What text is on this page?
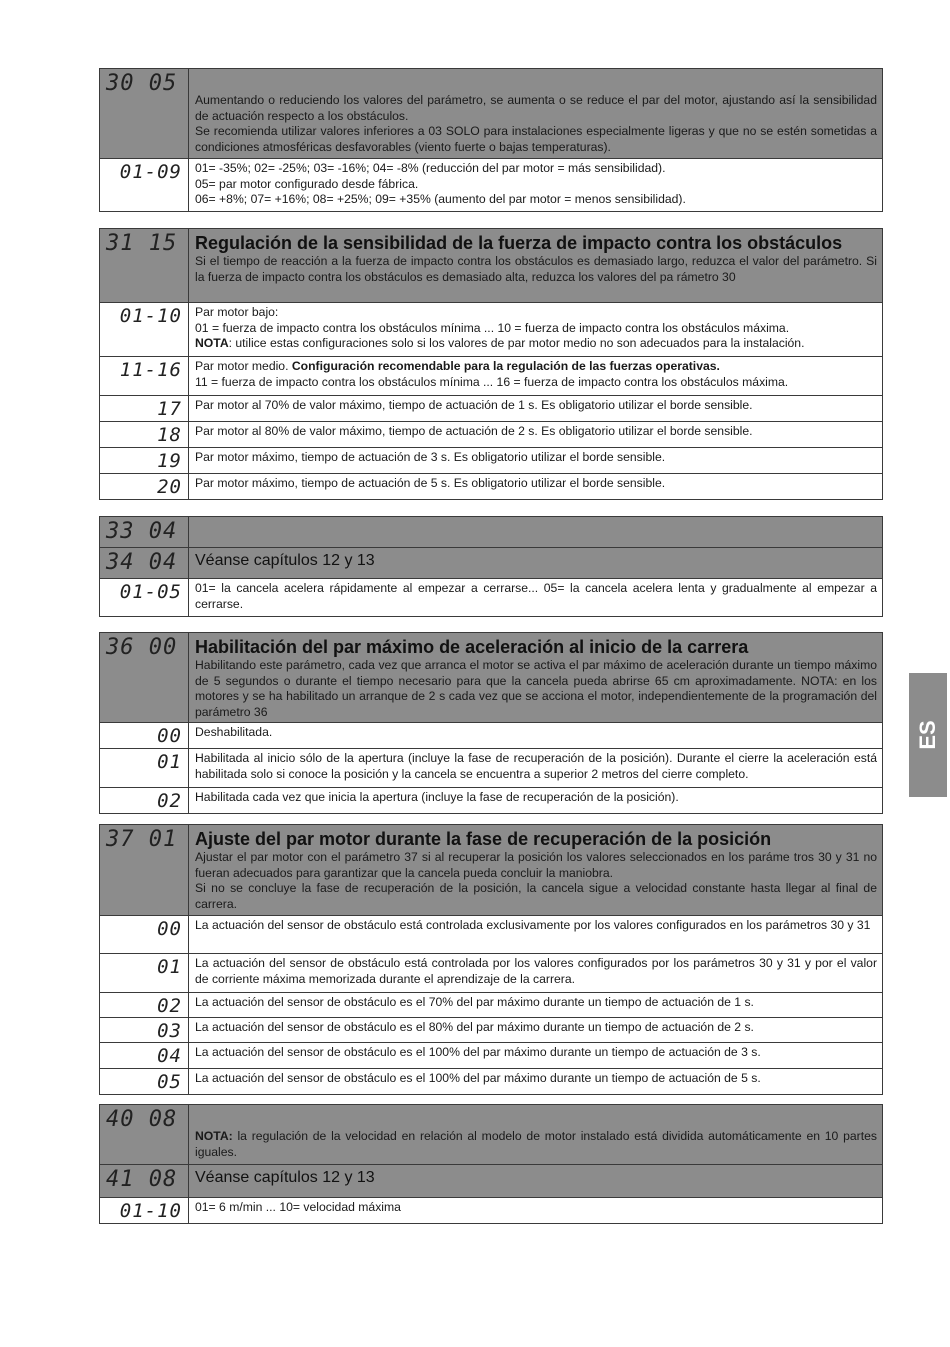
30 05	Aumentando o reduciendo los valores del parámetro, se aumenta o se reduce el par del motor, ajustando así la sensibilidad de actuación respecto a los obstáculos.
Se recomienda utilizar valores inferiores a 03 SOLO para instalaciones especialmente ligeras y que no se estén sometidas a condiciones atmosféricas desfavorables (viento fuerte o bajas temperaturas).

01-09	01= -35%; 02= -25%; 03= -16%; 04= -8% (reducción del par motor = más sensibilidad).
05= par motor configurado desde fábrica.
06= +8%; 07= +16%; 08= +25%; 09= +35% (aumento del par motor = menos sensibilidad).
31 15	Regulación de la sensibilidad de la fuerza de impacto contra los obstáculos
Si el tiempo de reacción a la fuerza de impacto contra los obstáculos es demasiado largo, reduzca el valor del parámetro. Si la fuerza de impacto contra los obstáculos es demasiado alta, reduzca los valores del pa rámetro 30

01-10	Par motor bajo:
01 = fuerza de impacto contra los obstáculos mínima ... 10 = fuerza de impacto contra los obstáculos máxima.
NOTA: utilice estas configuraciones solo si los valores de par motor medio no son adecuados para la instalación.

11-16	Par motor medio. Configuración recomendable para la regulación de las fuerzas operativas.
11 = fuerza de impacto contra los obstáculos mínima ... 16 = fuerza de impacto contra los obstáculos máxima.

17	Par motor al 70% de valor máximo, tiempo de actuación de 1 s. Es obligatorio utilizar el borde sensible.

18	Par motor al 80% de valor máximo, tiempo de actuación de 2 s. Es obligatorio utilizar el borde sensible.

19	Par motor máximo, tiempo de actuación de 3 s. Es obligatorio utilizar el borde sensible.

20	Par motor máximo, tiempo de actuación de 5 s. Es obligatorio utilizar el borde sensible.
33 04	
34 04	Véanse capítulos 12 y 13

01-05	01= la cancela acelera rápidamente al empezar a cerrarse... 05= la cancela acelera lenta y gradualmente al empezar a cerrarse.
36 00	Habilitación del par máximo de aceleración al inicio de la carrera
Habilitando este parámetro, cada vez que arranca el motor se activa el par máximo de aceleración durante un tiempo máximo de 5 segundos o durante el tiempo necesario para que la cancela pueda abrirse 65 cm aproximadamente. NOTA: en los motores y se ha habilitado un arranque de 2 s cada vez que se acciona el motor, independientemente de la programación del parámetro 36

00	Deshabilitada.

01	Habilitada al inicio sólo de la apertura (incluye la fase de recuperación de la posición). Durante el cierre la aceleración está habilitada solo si conoce la posición y la cancela se encuentra a superior 2 metros del cierre completo.

02	Habilitada cada vez que inicia la apertura (incluye la fase de recuperación de la posición).
37 01	Ajuste del par motor durante la fase de recuperación de la posición
Ajustar el par motor con el parámetro 37 si al recuperar la posición los valores seleccionados en los paráme tros 30 y 31 no fueran adecuados para garantizar que la cancela pueda concluir la maniobra.
Si no se concluye la fase de recuperación de la posición, la cancela sigue a velocidad constante hasta llegar al final de carrera.

00	La actuación del sensor de obstáculo está controlada exclusivamente por los valores configurados en los parámetros 30 y 31

01	La actuación del sensor de obstáculo está controlada por los valores configurados por los parámetros 30 y 31 y por el valor de corriente máxima memorizada durante el aprendizaje de la carrera.

02	La actuación del sensor de obstáculo es el 70% del par máximo durante un tiempo de actuación de 1 s.

03	La actuación del sensor de obstáculo es el 80% del par máximo durante un tiempo de actuación de 2 s.

04	La actuación del sensor de obstáculo es el 100% del par máximo durante un tiempo de actuación de 3 s.

05	La actuación del sensor de obstáculo es el 100% del par máximo durante un tiempo de actuación de 5 s.
40 08	NOTA: la regulación de la velocidad en relación al modelo de motor instalado está dividida automáticamente en 10 partes iguales.

41 08	Véanse capítulos 12 y 13

01-10	01= 6 m/min ... 10= velocidad máxima
ES
